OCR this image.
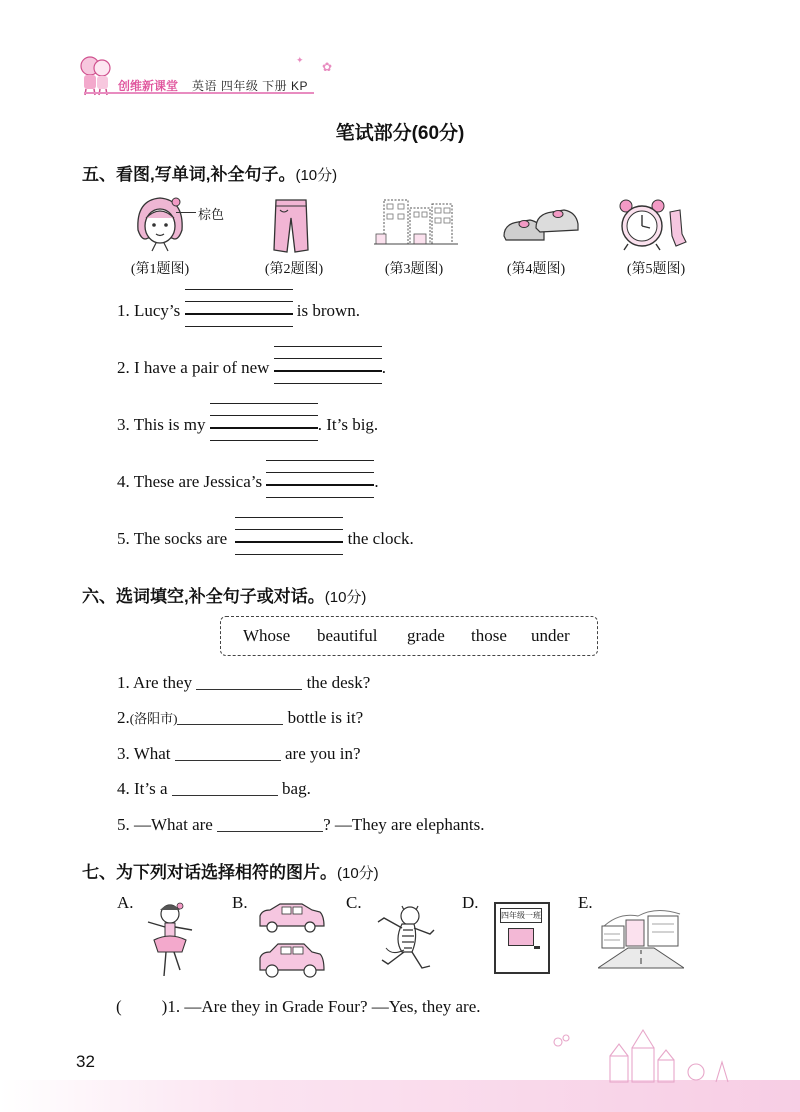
创维新课堂 英语 四年级 下册 KP
✿
✦
笔试部分(60分)
五、看图,写单词,补全句子。(10分)
棕色
(第1题图)	(第2题图)	(第3题图)	(第4题图)	(第5题图)
1. Lucy’s	is brown.
2. I have a pair of new	.
3. This is my	. It’s big.
4. These are Jessica’s	.
5. The socks are	the clock.
六、选词填空,补全句子或对话。(10分)
Whose beautiful grade those under
1. Are they	the desk?
2.(洛阳市)	bottle is it?
3. What	are you in?
4. It’s a	bag.
5. —What are	? —They are elephants.
七、为下列对话选择相符的图片。(10分)
A.	B.	C.	D.	E.
四年级一班
( )1. —Are they in Grade Four? —Yes, they are.
32
